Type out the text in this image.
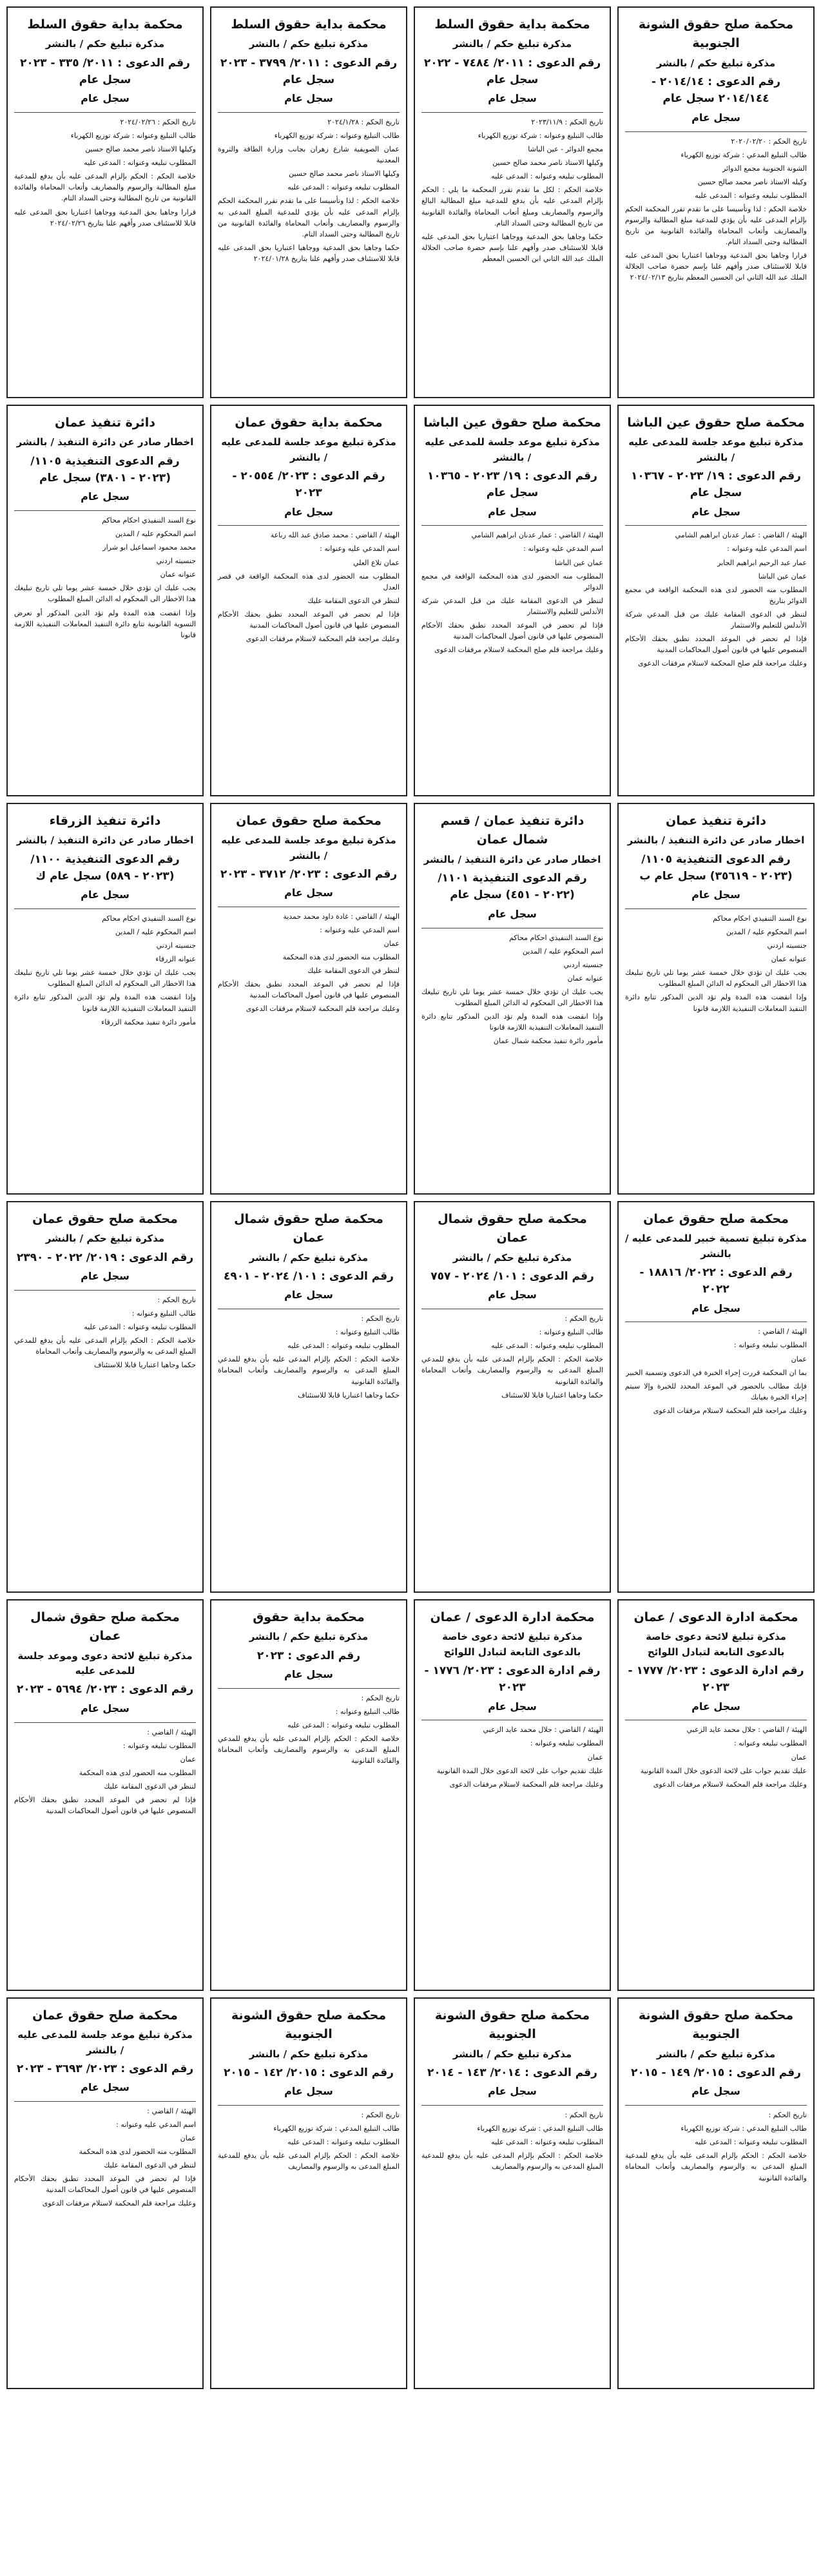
محكمة صلح حقوق الشونة الجنوبية
مذكرة تبليغ حكم / بالنشر
رقم الدعوى : ٢٠١٤/١٤ - ٢٠١٤/١٤٤ سجل عام
سجل عام

تاريخ الحكم : ٢٠٢٠/٠٢/٢٠

طالب التبليغ المدعي : شركة توزيع الكهرباء

الشونة الجنوبية مجمع الدوائر

وكيله الاستاذ ناصر محمد صالح حسين

المطلوب تبليغه وعنوانه : المدعى عليه

خلاصة الحكم : لذا وتأسيسا على ما تقدم تقرر المحكمة الحكم بإلزام المدعى عليه بأن يؤدي للمدعية مبلغ المطالبة والرسوم والمصاريف وأتعاب المحاماة والفائدة القانونية من تاريخ المطالبة وحتى السداد التام.

قرارا وجاهيا بحق المدعية ووجاهيا اعتباريا بحق المدعى عليه قابلا للاستئناف صدر وأفهم علنا بإسم حضرة صاحب الجلالة الملك عبد الله الثاني ابن الحسين المعظم بتاريخ ٢٠٢٤/٠٢/١٣

محكمة بداية حقوق السلط
مذكرة تبليغ حكم / بالنشر
رقم الدعوى : ٢٠١١/ ٧٤٨٤ - ٢٠٢٢ سجل عام
سجل عام

تاريخ الحكم : ٢٠٢٣/١١/٩

طالب التبليغ وعنوانه : شركة توزيع الكهرباء

مجمع الدوائر - عين الباشا

وكيلها الاستاذ ناصر محمد صالح حسين

المطلوب تبليغه وعنوانه : المدعى عليه

خلاصة الحكم : لكل ما تقدم تقرر المحكمة ما يلي : الحكم بإلزام المدعى عليه بأن يدفع للمدعية مبلغ المطالبة البالغ والرسوم والمصاريف ومبلغ أتعاب المحاماة والفائدة القانونية من تاريخ المطالبة وحتى السداد التام.

حكما وجاهيا بحق المدعية ووجاهيا اعتباريا بحق المدعى عليه قابلا للاستئناف صدر وأفهم علنا بإسم حضرة صاحب الجلالة الملك عبد الله الثاني ابن الحسين المعظم

محكمة بداية حقوق السلط
مذكرة تبليغ حكم / بالنشر
رقم الدعوى : ٢٠١١/ ٣٧٩٩ - ٢٠٢٣ سجل عام
سجل عام

تاريخ الحكم : ٢٠٢٤/١/٢٨

طالب التبليغ وعنوانه : شركة توزيع الكهرباء

عمان الصويفية شارع زهران بجانب وزارة الطاقة والثروة المعدنية

وكيلها الاستاذ ناصر محمد صالح حسين

المطلوب تبليغه وعنوانه : المدعى عليه

خلاصة الحكم : لذا وتأسيسا على ما تقدم تقرر المحكمة الحكم بإلزام المدعى عليه بأن يؤدي للمدعية المبلغ المدعى به والرسوم والمصاريف وأتعاب المحاماة والفائدة القانونية من تاريخ المطالبة وحتى السداد التام.

حكما وجاهيا بحق المدعية ووجاهيا اعتباريا بحق المدعى عليه قابلا للاستئناف صدر وأفهم علنا بتاريخ ٢٠٢٤/٠١/٢٨

محكمة بداية حقوق السلط
مذكرة تبليغ حكم / بالنشر
رقم الدعوى : ٢٠١١/ ٣٣٥ - ٢٠٢٣ سجل عام
سجل عام

تاريخ الحكم : ٢٠٢٤/٠٢/٢٦

طالب التبليغ وعنوانه : شركة توزيع الكهرباء

وكيلها الاستاذ ناصر محمد صالح حسين

المطلوب تبليغه وعنوانه : المدعى عليه

خلاصة الحكم : الحكم بإلزام المدعى عليه بأن يدفع للمدعية مبلغ المطالبة والرسوم والمصاريف وأتعاب المحاماة والفائدة القانونية من تاريخ المطالبة وحتى السداد التام.

قرارا وجاهيا بحق المدعية ووجاهيا اعتباريا بحق المدعى عليه قابلا للاستئناف صدر وأفهم علنا بتاريخ ٢٠٢٤/٠٢/٢٦

محكمة صلح حقوق عين الباشا
مذكرة تبليغ موعد جلسة للمدعى عليه / بالنشر
رقم الدعوى : ١٩/ ٢٠٢٣ - ١٠٣٦٧ سجل عام
سجل عام

الهيئة / القاضي : عمار عدنان ابراهيم الشامي

اسم المدعي عليه وعنوانه :

عمار عبد الرحيم ابراهيم الجابر

عمان عين الباشا

المطلوب منه الحضور لدى هذه المحكمة الواقعة في مجمع الدوائر بتاريخ

لتنظر في الدعوى المقامة عليك من قبل المدعي شركة الأندلس للتعليم والاستثمار

فإذا لم تحضر في الموعد المحدد تطبق بحقك الأحكام المنصوص عليها في قانون أصول المحاكمات المدنية

وعليك مراجعة قلم صلح المحكمة لاستلام مرفقات الدعوى

محكمة صلح حقوق عين الباشا
مذكرة تبليغ موعد جلسة للمدعى عليه / بالنشر
رقم الدعوى : ١٩/ ٢٠٢٣ - ١٠٣٦٥ سجل عام
سجل عام

الهيئة / القاضي : عمار عدنان ابراهيم الشامي

اسم المدعي عليه وعنوانه :

عمان عين الباشا

المطلوب منه الحضور لدى هذه المحكمة الواقعة في مجمع الدوائر

لتنظر في الدعوى المقامة عليك من قبل المدعي شركة الأندلس للتعليم والاستثمار

فإذا لم تحضر في الموعد المحدد تطبق بحقك الأحكام المنصوص عليها في قانون أصول المحاكمات المدنية

وعليك مراجعة قلم صلح المحكمة لاستلام مرفقات الدعوى

محكمة بداية حقوق عمان
مذكرة تبليغ موعد جلسة للمدعى عليه / بالنشر
رقم الدعوى : ٢٠٢٣/ ٢٠٥٥٤ - ٢٠٢٣
سجل عام

الهيئة / القاضي : محمد صادق عبد الله رباعة

اسم المدعي عليه وعنوانه :

عمان تلاع العلي

المطلوب منه الحضور لدى هذه المحكمة الواقعة في قصر العدل

لتنظر في الدعوى المقامة عليك

فإذا لم تحضر في الموعد المحدد تطبق بحقك الأحكام المنصوص عليها في قانون أصول المحاكمات المدنية

وعليك مراجعة قلم المحكمة لاستلام مرفقات الدعوى

دائرة تنفيذ عمان
اخطار صادر عن دائرة التنفيذ / بالنشر
رقم الدعوى التنفيذية ١١٠٥/ (٢٠٢٣ - ٣٨٠١) سجل عام
سجل عام

نوع السند التنفيذي احكام محاكم

اسم المحكوم عليه / المدين

محمد محمود اسماعيل ابو شرار

جنسيته اردني

عنوانه عمان

يجب عليك ان تؤدي خلال خمسة عشر يوما تلي تاريخ تبليغك هذا الاخطار الى المحكوم له الدائن المبلغ المطلوب

وإذا انقضت هذه المدة ولم تؤد الدين المذكور أو تعرض التسوية القانونية تتابع دائرة التنفيذ المعاملات التنفيذية اللازمة قانونا

دائرة تنفيذ عمان
اخطار صادر عن دائرة التنفيذ / بالنشر
رقم الدعوى التنفيذية ١١٠٥/ (٢٠٢٣ - ٣٥٦١٩) سجل عام ب
سجل عام

نوع السند التنفيذي احكام محاكم

اسم المحكوم عليه / المدين

جنسيته اردني

عنوانه عمان

يجب عليك ان تؤدي خلال خمسة عشر يوما تلي تاريخ تبليغك هذا الاخطار الى المحكوم له الدائن المبلغ المطلوب

وإذا انقضت هذه المدة ولم تؤد الدين المذكور تتابع دائرة التنفيذ المعاملات التنفيذية اللازمة قانونا

دائرة تنفيذ عمان / قسم شمال عمان
اخطار صادر عن دائرة التنفيذ / بالنشر
رقم الدعوى التنفيذية ١١٠١/ (٢٠٢٢ - ٤٥١) سجل عام
سجل عام

نوع السند التنفيذي احكام محاكم

اسم المحكوم عليه / المدين

جنسيته اردني

عنوانه عمان

يجب عليك ان تؤدي خلال خمسة عشر يوما تلي تاريخ تبليغك هذا الاخطار الى المحكوم له الدائن المبلغ المطلوب

وإذا انقضت هذه المدة ولم تؤد الدين المذكور تتابع دائرة التنفيذ المعاملات التنفيذية اللازمة قانونا

مأمور دائرة تنفيذ محكمة شمال عمان

محكمة صلح حقوق عمان
مذكرة تبليغ موعد جلسة للمدعى عليه / بالنشر
رقم الدعوى : ٢٠٢٣/ ٣٧١٢ - ٢٠٢٣
سجل عام

الهيئة / القاضي : غادة داود محمد حمدية

اسم المدعي عليه وعنوانه :

عمان

المطلوب منه الحضور لدى هذه المحكمة

لتنظر في الدعوى المقامة عليك

فإذا لم تحضر في الموعد المحدد تطبق بحقك الأحكام المنصوص عليها في قانون أصول المحاكمات المدنية

وعليك مراجعة قلم المحكمة لاستلام مرفقات الدعوى

دائرة تنفيذ الزرقاء
اخطار صادر عن دائرة التنفيذ / بالنشر
رقم الدعوى التنفيذية ١١٠٠/ (٢٠٢٣ - ٥٨٩) سجل عام ك
سجل عام

نوع السند التنفيذي احكام محاكم

اسم المحكوم عليه / المدين

جنسيته اردني

عنوانه الزرقاء

يجب عليك ان تؤدي خلال خمسة عشر يوما تلي تاريخ تبليغك هذا الاخطار الى المحكوم له الدائن المبلغ المطلوب

وإذا انقضت هذه المدة ولم تؤد الدين المذكور تتابع دائرة التنفيذ المعاملات التنفيذية اللازمة قانونا

مأمور دائرة تنفيذ محكمة الزرقاء

محكمة صلح حقوق عمان
مذكرة تبليغ تسمية خبير للمدعى عليه / بالنشر
رقم الدعوى : ٢٠٢٢/ ١٨٨١٦ - ٢٠٢٢
سجل عام

الهيئة / القاضي :

المطلوب تبليغه وعنوانه :

عمان

بما ان المحكمة قررت إجراء الخبرة في الدعوى وتسمية الخبير

فإنك مطالب بالحضور في الموعد المحدد للخبرة وإلا سيتم إجراء الخبرة بغيابك

وعليك مراجعة قلم المحكمة لاستلام مرفقات الدعوى

محكمة صلح حقوق شمال عمان
مذكرة تبليغ حكم / بالنشر
رقم الدعوى : ١٠١/ ٢٠٢٤ - ٧٥٧
سجل عام

تاريخ الحكم :

طالب التبليغ وعنوانه :

المطلوب تبليغه وعنوانه : المدعى عليه

خلاصة الحكم : الحكم بإلزام المدعى عليه بأن يدفع للمدعي المبلغ المدعى به والرسوم والمصاريف وأتعاب المحاماة والفائدة القانونية

حكما وجاهيا اعتباريا قابلا للاستئناف

محكمة صلح حقوق شمال عمان
مذكرة تبليغ حكم / بالنشر
رقم الدعوى : ١٠١/ ٢٠٢٤ - ٤٩٠١
سجل عام

تاريخ الحكم :

طالب التبليغ وعنوانه :

المطلوب تبليغه وعنوانه : المدعى عليه

خلاصة الحكم : الحكم بإلزام المدعى عليه بأن يدفع للمدعي المبلغ المدعى به والرسوم والمصاريف وأتعاب المحاماة والفائدة القانونية

حكما وجاهيا اعتباريا قابلا للاستئناف

محكمة صلح حقوق عمان
مذكرة تبليغ حكم / بالنشر
رقم الدعوى : ٢٠١٩/ ٢٠٢٢ - ٢٣٩٠
سجل عام

تاريخ الحكم :

طالب التبليغ وعنوانه :

المطلوب تبليغه وعنوانه : المدعى عليه

خلاصة الحكم : الحكم بإلزام المدعى عليه بأن يدفع للمدعي المبلغ المدعى به والرسوم والمصاريف وأتعاب المحاماة

حكما وجاهيا اعتباريا قابلا للاستئناف

محكمة ادارة الدعوى / عمان
مذكرة تبليغ لائحة دعوى خاصة بالدعوى التابعة لتبادل اللوائح
رقم ادارة الدعوى : ٢٠٢٣/ ١٧٧٧ - ٢٠٢٣
سجل عام

الهيئة / القاضي : جلال محمد عايد الزعبي

المطلوب تبليغه وعنوانه :

عمان

عليك تقديم جواب على لائحة الدعوى خلال المدة القانونية

وعليك مراجعة قلم المحكمة لاستلام مرفقات الدعوى

محكمة ادارة الدعوى / عمان
مذكرة تبليغ لائحة دعوى خاصة بالدعوى التابعة لتبادل اللوائح
رقم ادارة الدعوى : ٢٠٢٣/ ١٧٧٦ - ٢٠٢٣
سجل عام

الهيئة / القاضي : جلال محمد عايد الزعبي

المطلوب تبليغه وعنوانه :

عمان

عليك تقديم جواب على لائحة الدعوى خلال المدة القانونية

وعليك مراجعة قلم المحكمة لاستلام مرفقات الدعوى

محكمة بداية حقوق
مذكرة تبليغ حكم / بالنشر
رقم الدعوى : ٢٠٢٣
سجل عام

تاريخ الحكم :

طالب التبليغ وعنوانه :

المطلوب تبليغه وعنوانه : المدعى عليه

خلاصة الحكم : الحكم بإلزام المدعى عليه بأن يدفع للمدعي المبلغ المدعى به والرسوم والمصاريف وأتعاب المحاماة والفائدة القانونية

محكمة صلح حقوق شمال عمان
مذكرة تبليغ لائحة دعوى وموعد جلسة للمدعى عليه
رقم الدعوى : ٢٠٢٣/ ٥٦٩٤ - ٢٠٢٣
سجل عام

الهيئة / القاضي :

المطلوب تبليغه وعنوانه :

عمان

المطلوب منه الحضور لدى هذه المحكمة

لتنظر في الدعوى المقامة عليك

فإذا لم تحضر في الموعد المحدد تطبق بحقك الأحكام المنصوص عليها في قانون أصول المحاكمات المدنية

محكمة صلح حقوق الشونة الجنوبية
مذكرة تبليغ حكم / بالنشر
رقم الدعوى : ٢٠١٥/ ١٤٩ - ٢٠١٥
سجل عام

تاريخ الحكم :

طالب التبليغ المدعي : شركة توزيع الكهرباء

المطلوب تبليغه وعنوانه : المدعى عليه

خلاصة الحكم : الحكم بإلزام المدعى عليه بأن يدفع للمدعية المبلغ المدعى به والرسوم والمصاريف وأتعاب المحاماة والفائدة القانونية

محكمة صلح حقوق الشونة الجنوبية
مذكرة تبليغ حكم / بالنشر
رقم الدعوى : ٢٠١٤/ ١٤٣ - ٢٠١٤
سجل عام

تاريخ الحكم :

طالب التبليغ المدعي : شركة توزيع الكهرباء

المطلوب تبليغه وعنوانه : المدعى عليه

خلاصة الحكم : الحكم بإلزام المدعى عليه بأن يدفع للمدعية المبلغ المدعى به والرسوم والمصاريف

محكمة صلح حقوق الشونة الجنوبية
مذكرة تبليغ حكم / بالنشر
رقم الدعوى : ٢٠١٥/ ١٤٢ - ٢٠١٥
سجل عام

تاريخ الحكم :

طالب التبليغ المدعي : شركة توزيع الكهرباء

المطلوب تبليغه وعنوانه : المدعى عليه

خلاصة الحكم : الحكم بإلزام المدعى عليه بأن يدفع للمدعية المبلغ المدعى به والرسوم والمصاريف

محكمة صلح حقوق عمان
مذكرة تبليغ موعد جلسة للمدعى عليه / بالنشر
رقم الدعوى : ٢٠٢٣/ ٣٦٩٣ - ٢٠٢٣
سجل عام

الهيئة / القاضي :

اسم المدعي عليه وعنوانه :

عمان

المطلوب منه الحضور لدى هذه المحكمة

لتنظر في الدعوى المقامة عليك

فإذا لم تحضر في الموعد المحدد تطبق بحقك الأحكام المنصوص عليها في قانون أصول المحاكمات المدنية

وعليك مراجعة قلم المحكمة لاستلام مرفقات الدعوى
